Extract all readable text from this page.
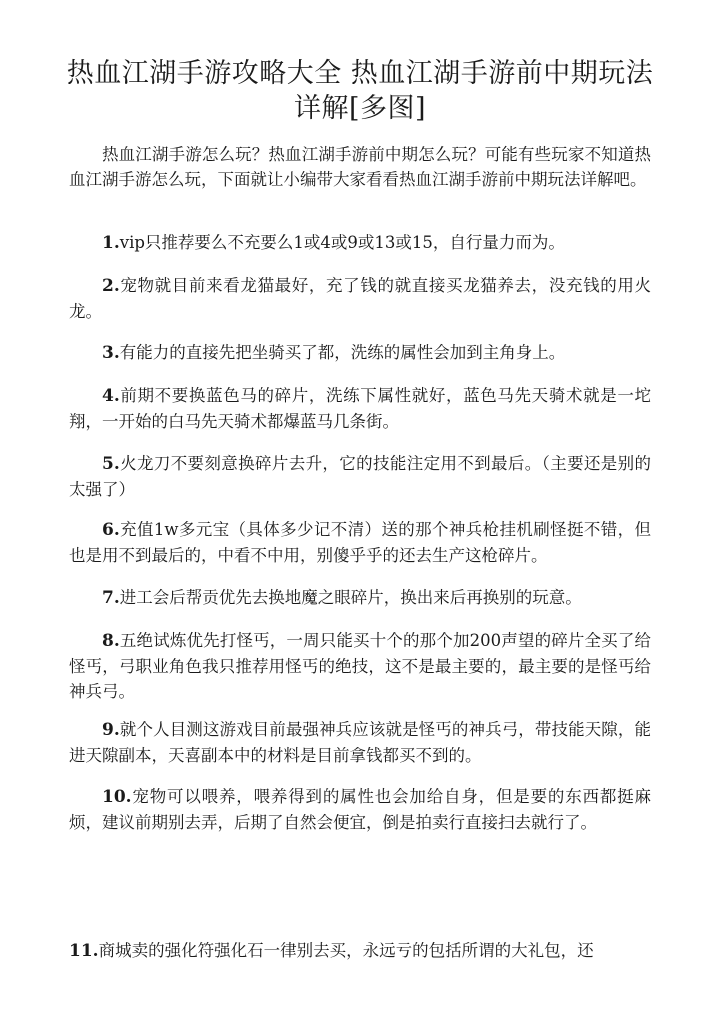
热血江湖手游攻略大全 热血江湖手游前中期玩法详解[多图]

热血江湖手游怎么玩？热血江湖手游前中期怎么玩？可能有些玩家不知道热血江湖手游怎么玩，下面就让小编带大家看看热血江湖手游前中期玩法详解吧。

1.vip只推荐要么不充要么1或4或9或13或15，自行量力而为。

2.宠物就目前来看龙猫最好，充了钱的就直接买龙猫养去，没充钱的用火龙。

3.有能力的直接先把坐骑买了都，洗练的属性会加到主角身上。

4.前期不要换蓝色马的碎片，洗练下属性就好，蓝色马先天骑术就是一坨翔，一开始的白马先天骑术都爆蓝马几条街。

5.火龙刀不要刻意换碎片去升，它的技能注定用不到最后。（主要还是别的太强了）

6.充值1w多元宝（具体多少记不清）送的那个神兵枪挂机刷怪挺不错，但也是用不到最后的，中看不中用，别傻乎乎的还去生产这枪碎片。

7.进工会后帮贡优先去换地魔之眼碎片，换出来后再换别的玩意。

8.五绝试炼优先打怪丐，一周只能买十个的那个加200声望的碎片全买了给怪丐，弓职业角色我只推荐用怪丐的绝技，这不是最主要的，最主要的是怪丐给神兵弓。

9.就个人目测这游戏目前最强神兵应该就是怪丐的神兵弓，带技能天隙，能进天隙副本，天喜副本中的材料是目前拿钱都买不到的。

10.宠物可以喂养，喂养得到的属性也会加给自身，但是要的东西都挺麻烦，建议前期别去弄，后期了自然会便宜，倒是拍卖行直接扫去就行了。

11.商城卖的强化符强化石一律别去买，永远亏的包括所谓的大礼包，还
